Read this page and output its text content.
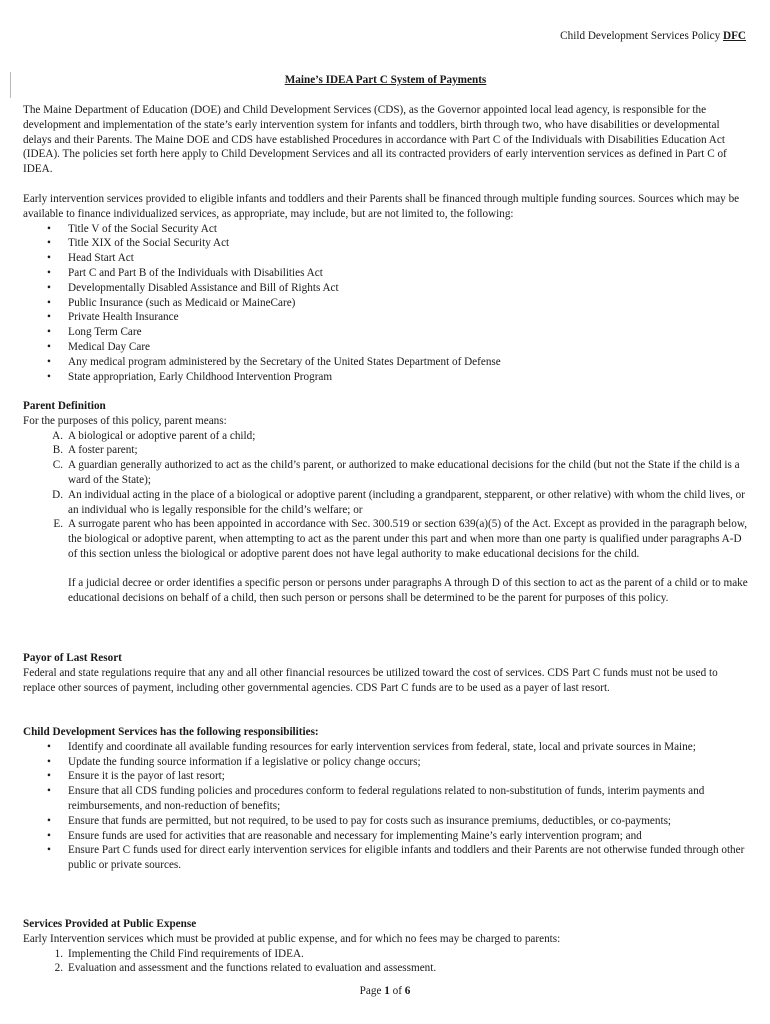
Child Development Services Policy DFC
Maine’s IDEA Part C System of Payments

The Maine Department of Education (DOE) and Child Development Services (CDS), as the Governor appointed local lead agency, is responsible for the development and implementation of the state’s early intervention system for infants and toddlers, birth through two, who have disabilities or developmental delays and their Parents. The Maine DOE and CDS have established Procedures in accordance with Part C of the Individuals with Disabilities Education Act (IDEA). The policies set forth here apply to Child Development Services and all its contracted providers of early intervention services as defined in Part C of IDEA.

Early intervention services provided to eligible infants and toddlers and their Parents shall be financed through multiple funding sources. Sources which may be available to finance individualized services, as appropriate, may include, but are not limited to, the following:

• Title V of the Social Security Act
• Title XIX of the Social Security Act
• Head Start Act
• Part C and Part B of the Individuals with Disabilities Act
• Developmentally Disabled Assistance and Bill of Rights Act
• Public Insurance (such as Medicaid or MaineCare)
• Private Health Insurance
• Long Term Care
• Medical Day Care
• Any medical program administered by the Secretary of the United States Department of Defense
• State appropriation, Early Childhood Intervention Program

Parent Definition

For the purposes of this policy, parent means:

A. A biological or adoptive parent of a child;
B. A foster parent;
C. A guardian generally authorized to act as the child’s parent, or authorized to make educational decisions for the child (but not the State if the child is a ward of the State);
D. An individual acting in the place of a biological or adoptive parent (including a grandparent, stepparent, or other relative) with whom the child lives, or an individual who is legally responsible for the child’s welfare; or
E. A surrogate parent who has been appointed in accordance with Sec. 300.519 or section 639(a)(5) of the Act. Except as provided in the paragraph below, the biological or adoptive parent, when attempting to act as the parent under this part and when more than one party is qualified under paragraphs A-D of this section unless the biological or adoptive parent does not have legal authority to make educational decisions for the child.

If a judicial decree or order identifies a specific person or persons under paragraphs A through D of this section to act as the parent of a child or to make educational decisions on behalf of a child, then such person or persons shall be determined to be the parent for purposes of this policy.

Payor of Last Resort

Federal and state regulations require that any and all other financial resources be utilized toward the cost of services. CDS Part C funds must not be used to replace other sources of payment, including other governmental agencies. CDS Part C funds are to be used as a payer of last resort.

Child Development Services has the following responsibilities:

• Identify and coordinate all available funding resources for early intervention services from federal, state, local and private sources in Maine;
• Update the funding source information if a legislative or policy change occurs;
• Ensure it is the payor of last resort;
• Ensure that all CDS funding policies and procedures conform to federal regulations related to non-substitution of funds, interim payments and reimbursements, and non-reduction of benefits;
• Ensure that funds are permitted, but not required, to be used to pay for costs such as insurance premiums, deductibles, or co-payments;
• Ensure funds are used for activities that are reasonable and necessary for implementing Maine’s early intervention program; and
• Ensure Part C funds used for direct early intervention services for eligible infants and toddlers and their Parents are not otherwise funded through other public or private sources.

Services Provided at Public Expense

Early Intervention services which must be provided at public expense, and for which no fees may be charged to parents:

1. Implementing the Child Find requirements of IDEA.
2. Evaluation and assessment and the functions related to evaluation and assessment.
Page 1 of 6
